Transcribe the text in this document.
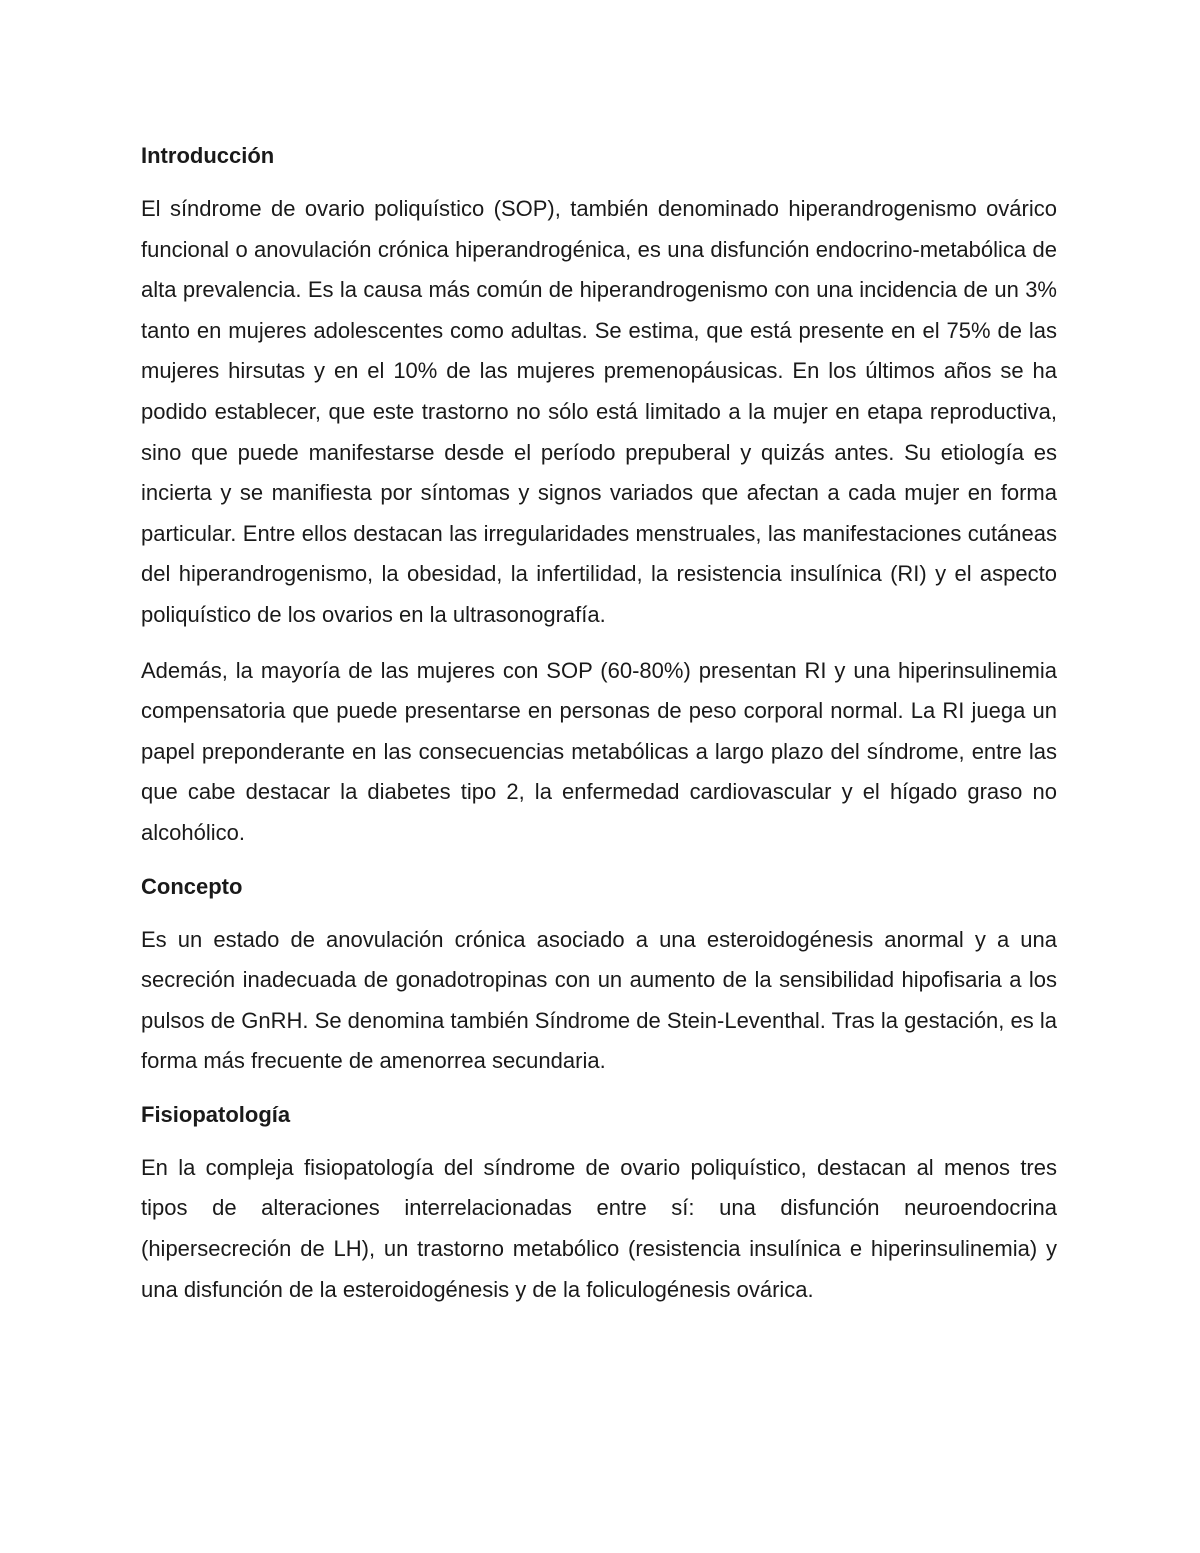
Introducción

El síndrome de ovario poliquístico (SOP), también denominado hiperandrogenismo ovárico funcional o anovulación crónica hiperandrogénica, es una disfunción endocrino-metabólica de alta prevalencia. Es la causa más común de hiperandrogenismo con una incidencia de un 3% tanto en mujeres adolescentes como adultas. Se estima, que está presente en el 75% de las mujeres hirsutas y en el 10% de las mujeres premenopáusicas. En los últimos años se ha podido establecer, que este trastorno no sólo está limitado a la mujer en etapa reproductiva, sino que puede manifestarse desde el período prepuberal y quizás antes. Su etiología es incierta y se manifiesta por síntomas y signos variados que afectan a cada mujer en forma particular. Entre ellos destacan las irregularidades menstruales, las manifestaciones cutáneas del hiperandrogenismo, la obesidad, la infertilidad, la resistencia insulínica (RI) y el aspecto poliquístico de los ovarios en la ultrasonografía.

Además, la mayoría de las mujeres con SOP (60-80%) presentan RI y una hiperinsulinemia compensatoria que puede presentarse en personas de peso corporal normal. La RI juega un papel preponderante en las consecuencias metabólicas a largo plazo del síndrome, entre las que cabe destacar la diabetes tipo 2, la enfermedad cardiovascular y el hígado graso no alcohólico.

Concepto

Es un estado de anovulación crónica asociado a una esteroidogénesis anormal y a una secreción inadecuada de gonadotropinas con un aumento de la sensibilidad hipofisaria a los pulsos de GnRH. Se denomina también Síndrome de Stein-Leventhal. Tras la gestación, es la forma más frecuente de amenorrea secundaria.

Fisiopatología

En la compleja fisiopatología del síndrome de ovario poliquístico, destacan al menos tres tipos de alteraciones interrelacionadas entre sí: una disfunción neuroendocrina (hipersecreción de LH), un trastorno metabólico (resistencia insulínica e hiperinsulinemia) y una disfunción de la esteroidogénesis y de la foliculogénesis ovárica.
